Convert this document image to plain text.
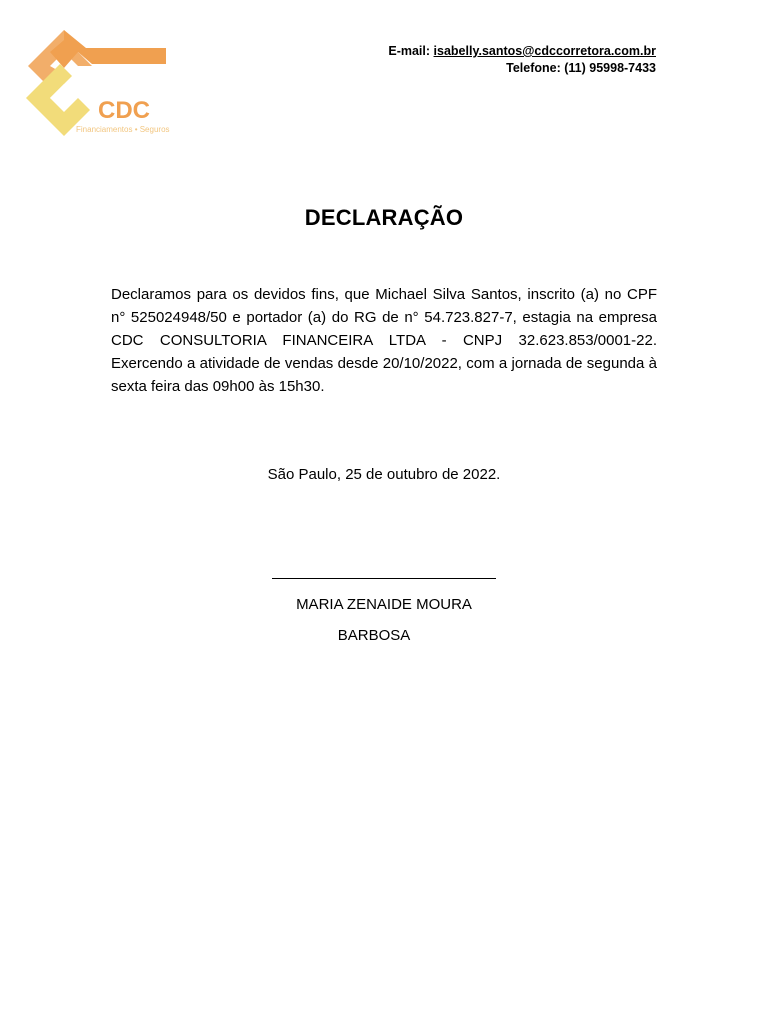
CDC
Financiamentos • Seguros
E-mail: isabelly.santos@cdccorretora.com.br
Telefone: (11) 95998-7433
DECLARAÇÃO
Declaramos para os devidos fins, que Michael Silva Santos, inscrito (a) no CPF n° 525024948/50 e portador (a) do RG de n° 54.723.827-7, estagia na empresa CDC CONSULTORIA FINANCEIRA LTDA - CNPJ 32.623.853/0001-22. Exercendo a atividade de vendas desde 20/10/2022, com a jornada de segunda à sexta feira das 09h00 às 15h30.
São Paulo, 25 de outubro de 2022.
MARIA ZENAIDE MOURA
BARBOSA
